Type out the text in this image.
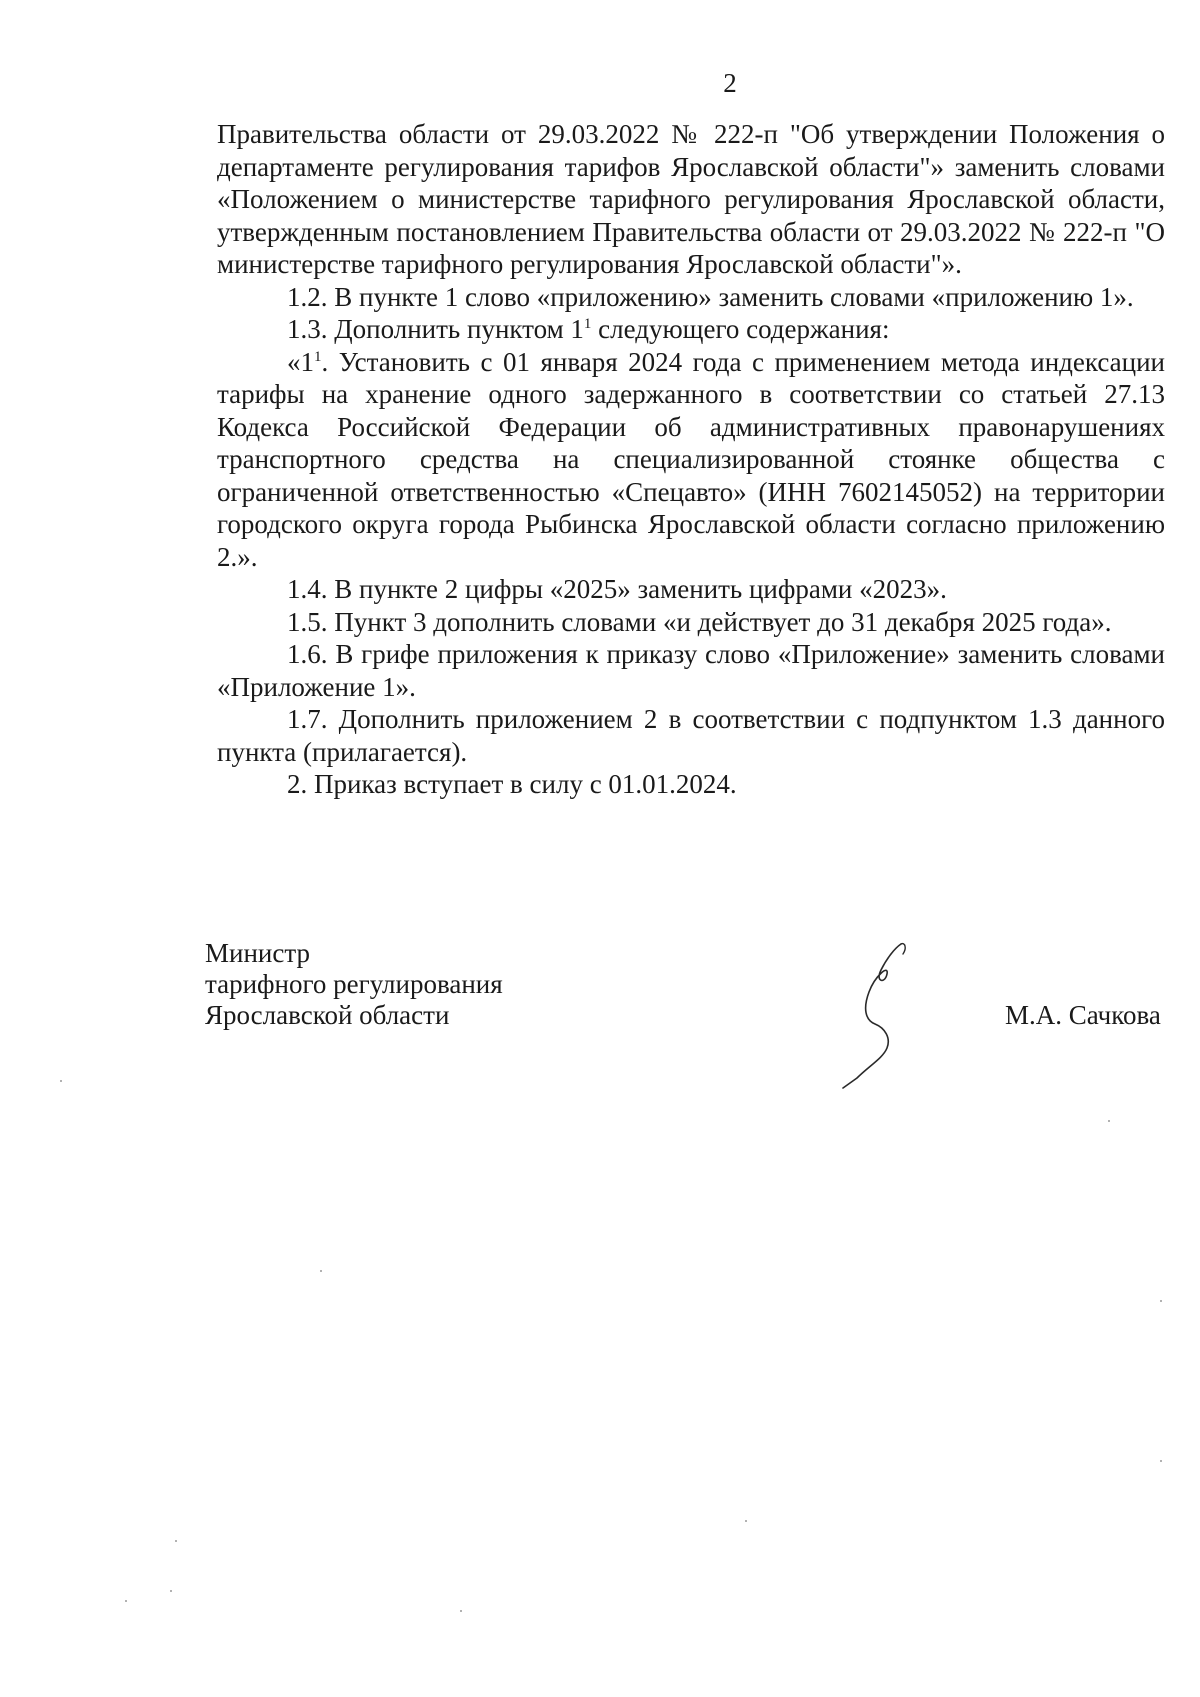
2

Правительства области от 29.03.2022 № 222-п "Об утверждении Положения о департаменте регулирования тарифов Ярославской области"» заменить словами «Положением о министерстве тарифного регулирования Ярославской области, утвержденным постановлением Правительства области от 29.03.2022 № 222-п "О министерстве тарифного регулирования Ярославской области"».

1.2. В пункте 1 слово «приложению» заменить словами «приложению 1».

1.3. Дополнить пунктом $1^1$ следующего содержания:

«$1^1$. Установить с 01 января 2024 года с применением метода индексации тарифы на хранение одного задержанного в соответствии со статьей 27.13 Кодекса Российской Федерации об административных правонарушениях транспортного средства на специализированной стоянке общества с ограниченной ответственностью «Спецавто» (ИНН 7602145052) на территории городского округа города Рыбинска Ярославской области согласно приложению 2.».

1.4. В пункте 2 цифры «2025» заменить цифрами «2023».

1.5. Пункт 3 дополнить словами «и действует до 31 декабря 2025 года».

1.6. В грифе приложения к приказу слово «Приложение» заменить словами «Приложение 1».

1.7. Дополнить приложением 2 в соответствии с подпунктом 1.3 данного пункта (прилагается).

2. Приказ вступает в силу с 01.01.2024.

Министр
тарифного регулирования
Ярославской области	М.А. Сачкова
